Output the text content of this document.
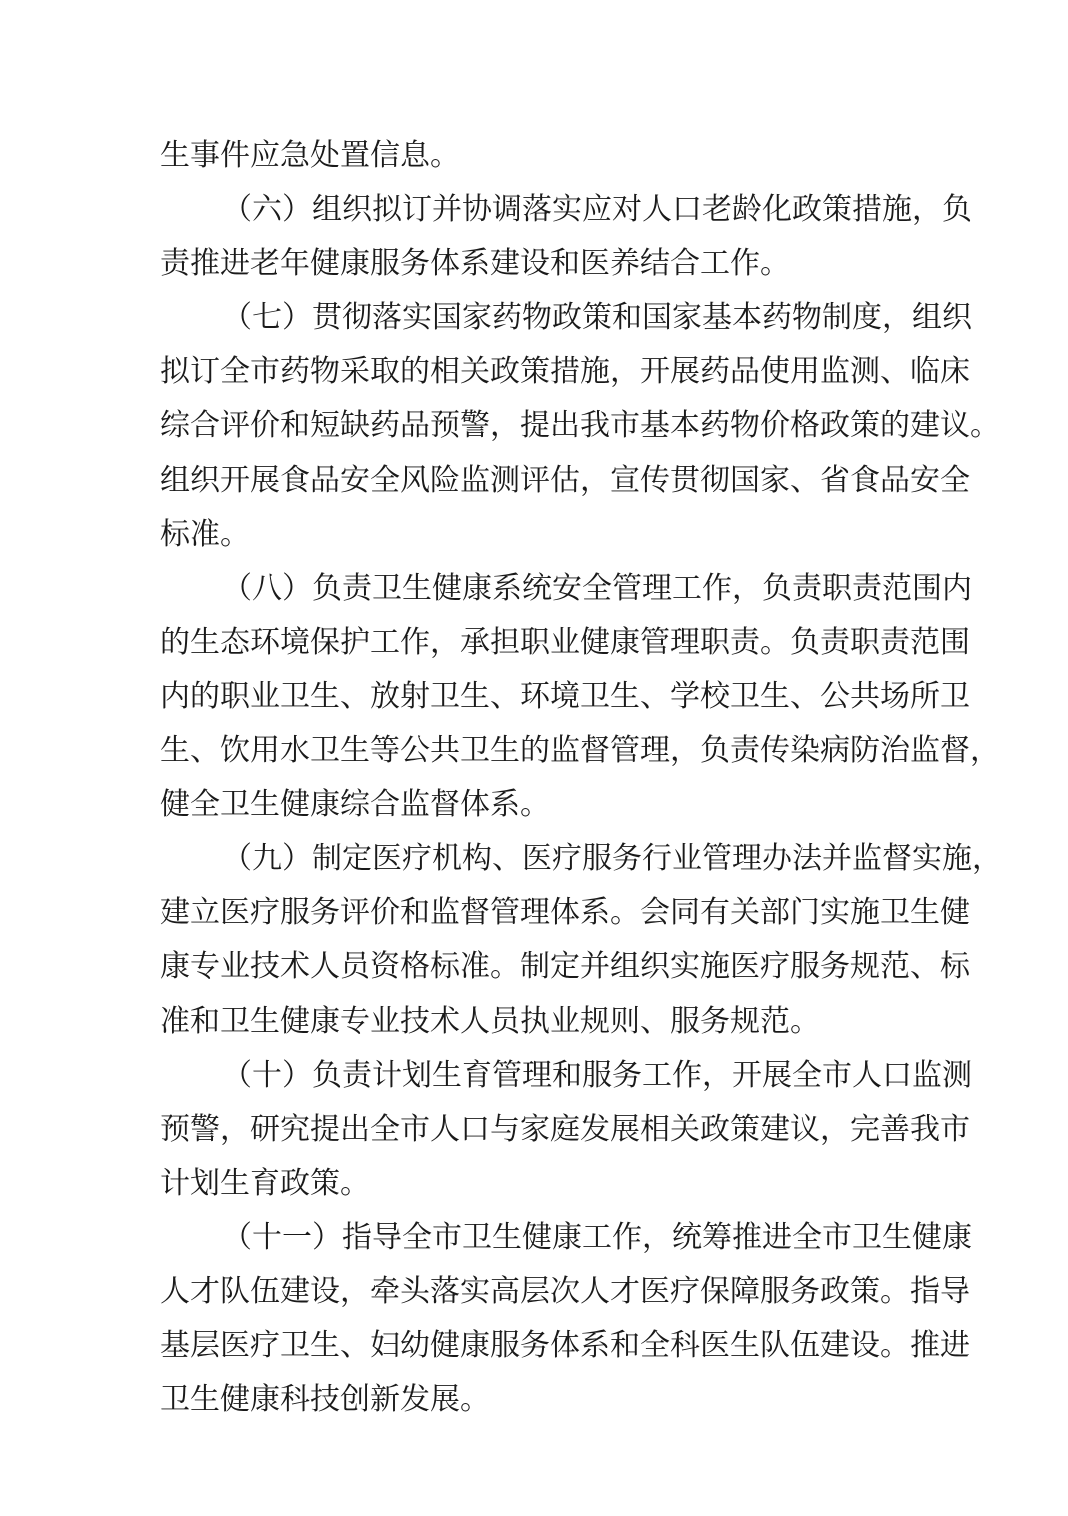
生事件应急处置信息。
（六）组织拟订并协调落实应对人口老龄化政策措施，负
责推进老年健康服务体系建设和医养结合工作。
（七）贯彻落实国家药物政策和国家基本药物制度，组织
拟订全市药物采取的相关政策措施，开展药品使用监测、临床
综合评价和短缺药品预警，提出我市基本药物价格政策的建议。
组织开展食品安全风险监测评估，宣传贯彻国家、省食品安全
标准。
（八）负责卫生健康系统安全管理工作，负责职责范围内
的生态环境保护工作，承担职业健康管理职责。负责职责范围
内的职业卫生、放射卫生、环境卫生、学校卫生、公共场所卫
生、饮用水卫生等公共卫生的监督管理，负责传染病防治监督，
健全卫生健康综合监督体系。
（九）制定医疗机构、医疗服务行业管理办法并监督实施，
建立医疗服务评价和监督管理体系。会同有关部门实施卫生健
康专业技术人员资格标准。制定并组织实施医疗服务规范、标
准和卫生健康专业技术人员执业规则、服务规范。
（十）负责计划生育管理和服务工作，开展全市人口监测
预警，研究提出全市人口与家庭发展相关政策建议，完善我市
计划生育政策。
（十一）指导全市卫生健康工作，统筹推进全市卫生健康
人才队伍建设，牵头落实高层次人才医疗保障服务政策。指导
基层医疗卫生、妇幼健康服务体系和全科医生队伍建设。推进
卫生健康科技创新发展。
